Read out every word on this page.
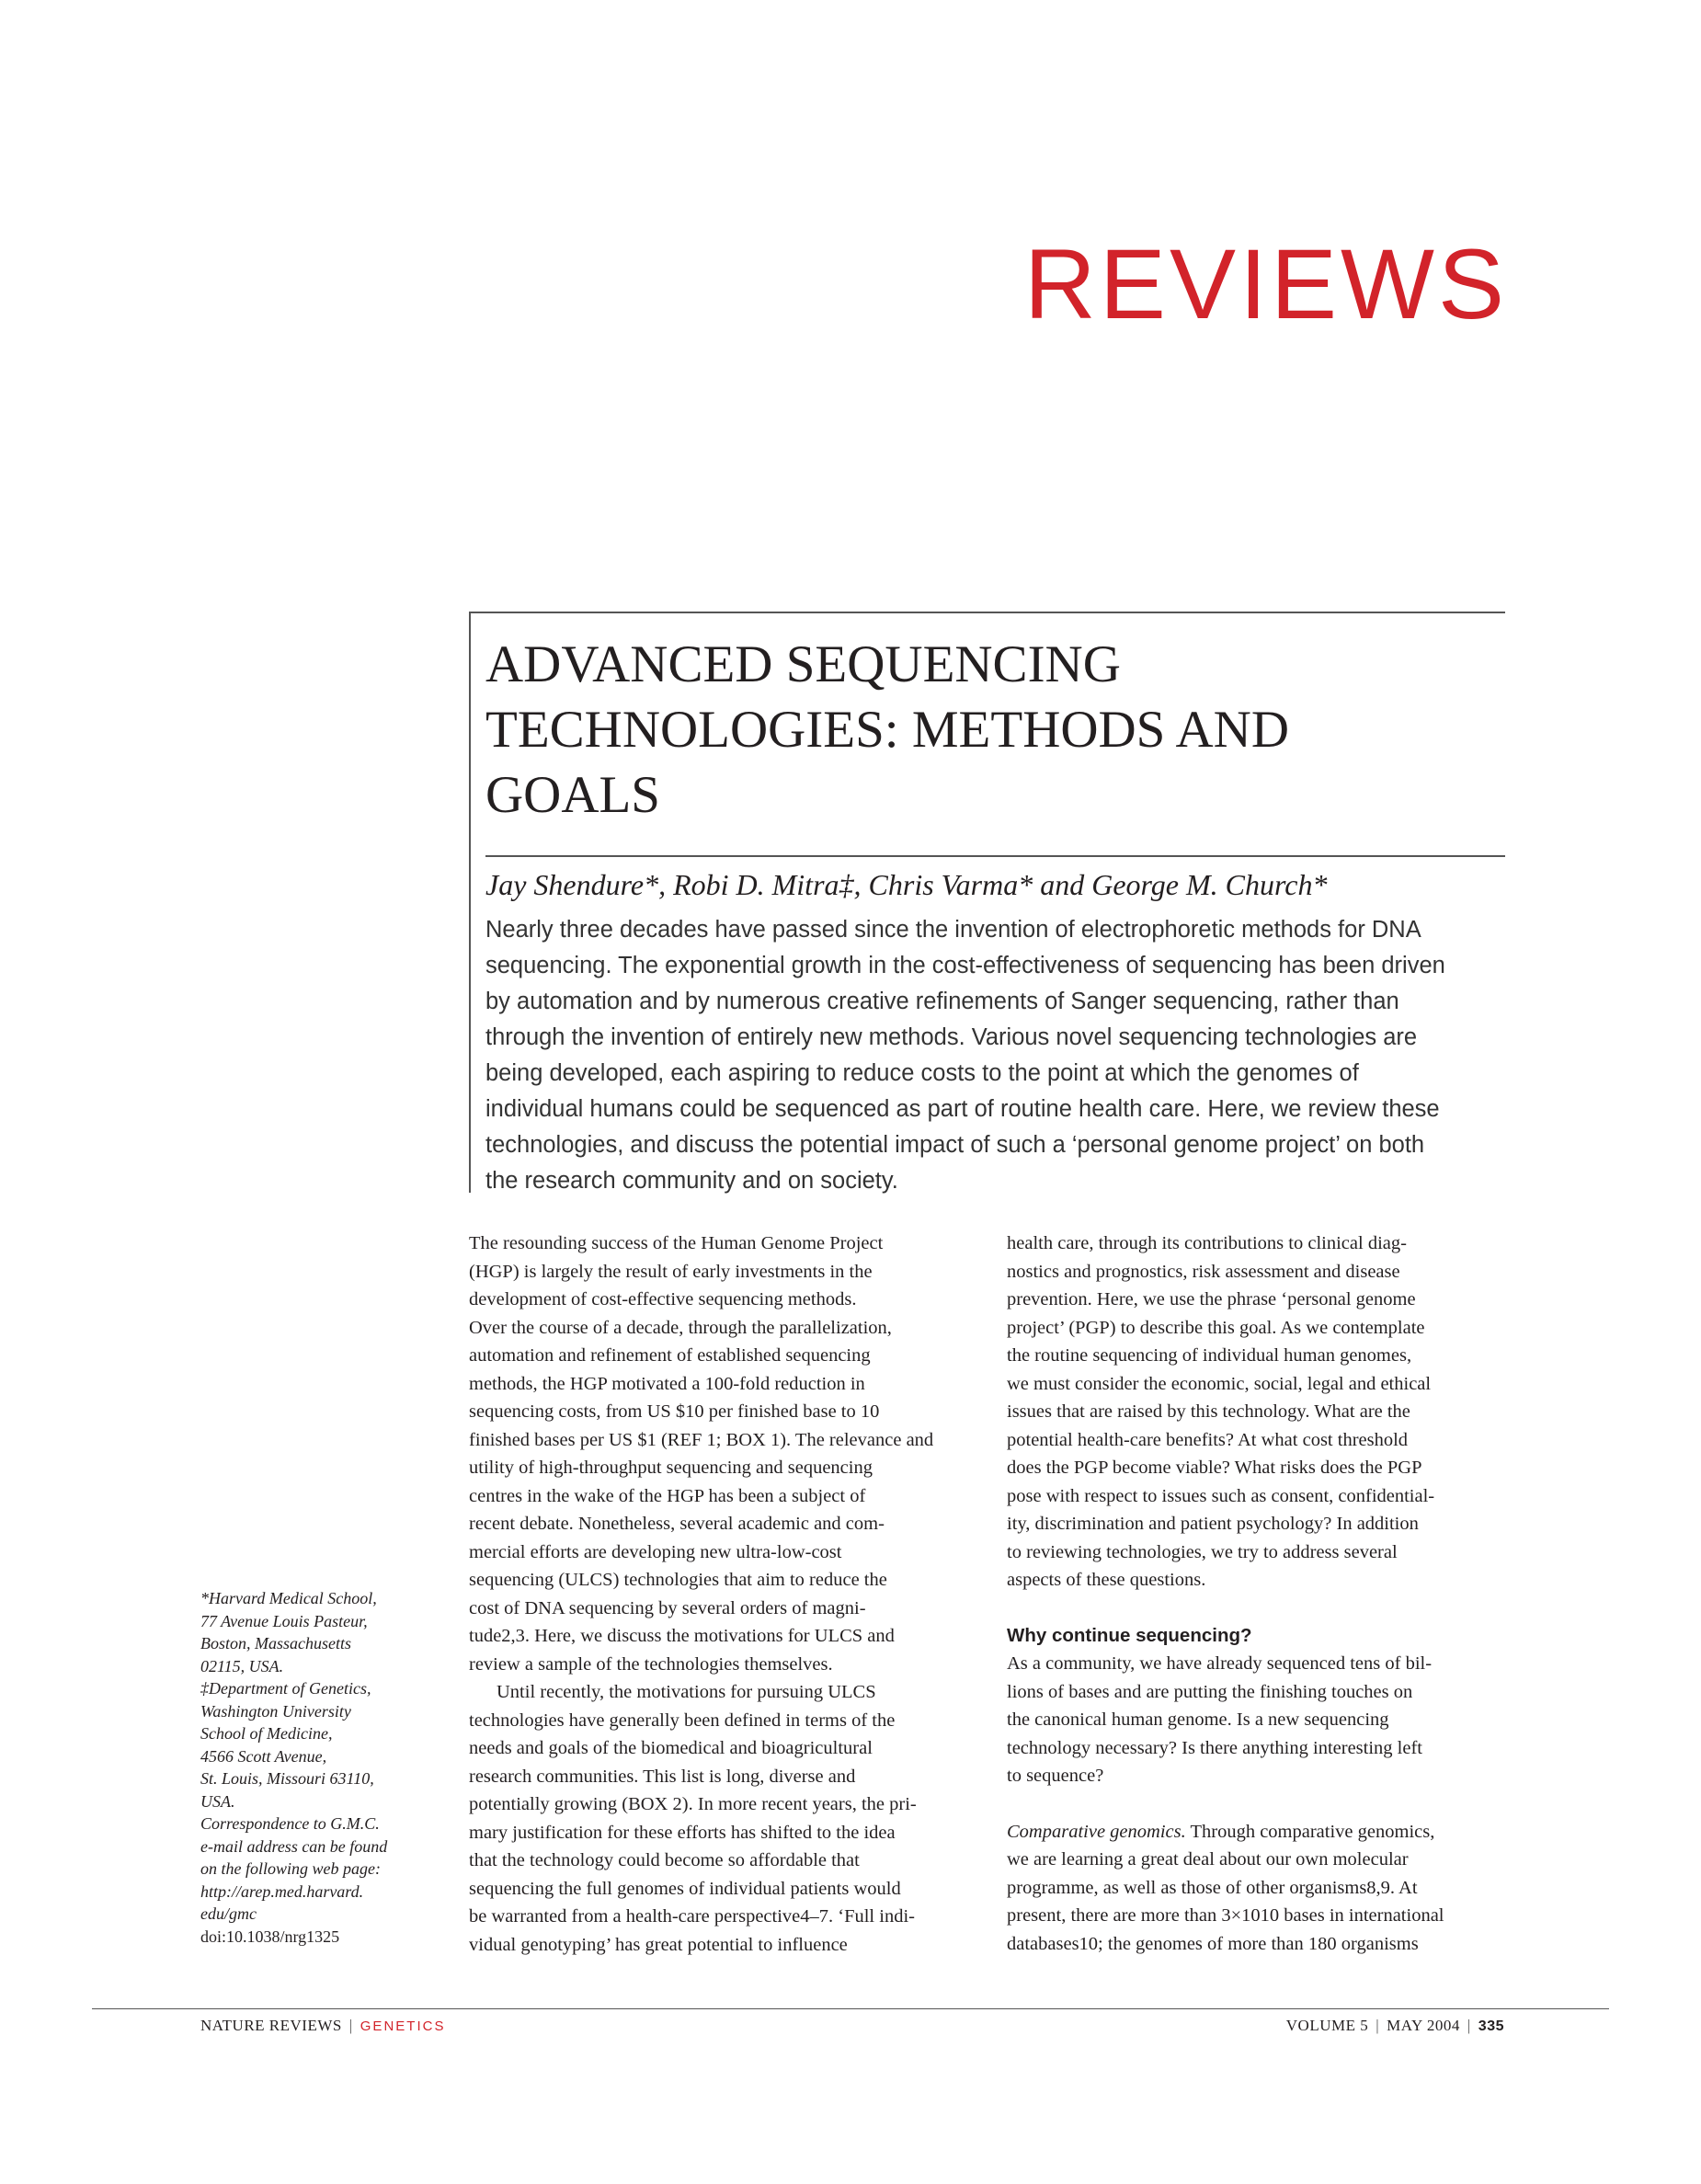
REVIEWS
ADVANCED SEQUENCING
TECHNOLOGIES: METHODS AND
GOALS
Jay Shendure*, Robi D. Mitra‡, Chris Varma* and George M. Church*
Nearly three decades have passed since the invention of electrophoretic methods for DNA
sequencing. The exponential growth in the cost-effectiveness of sequencing has been driven
by automation and by numerous creative refinements of Sanger sequencing, rather than
through the invention of entirely new methods. Various novel sequencing technologies are
being developed, each aspiring to reduce costs to the point at which the genomes of
individual humans could be sequenced as part of routine health care. Here, we review these
technologies, and discuss the potential impact of such a ‘personal genome project’ on both
the research community and on society.
The resounding success of the Human Genome Project
(HGP) is largely the result of early investments in the
development of cost-effective sequencing methods.
Over the course of a decade, through the parallelization,
automation and refinement of established sequencing
methods, the HGP motivated a 100-fold reduction in
sequencing costs, from US $10 per finished base to 10
finished bases per US $1 (REF 1; BOX 1). The relevance and
utility of high-throughput sequencing and sequencing
centres in the wake of the HGP has been a subject of
recent debate. Nonetheless, several academic and com-
mercial efforts are developing new ultra-low-cost
sequencing (ULCS) technologies that aim to reduce the
cost of DNA sequencing by several orders of magni-
tude2,3. Here, we discuss the motivations for ULCS and
review a sample of the technologies themselves.
Until recently, the motivations for pursuing ULCS
technologies have generally been defined in terms of the
needs and goals of the biomedical and bioagricultural
research communities. This list is long, diverse and
potentially growing (BOX 2). In more recent years, the pri-
mary justification for these efforts has shifted to the idea
that the technology could become so affordable that
sequencing the full genomes of individual patients would
be warranted from a health-care perspective4–7. ‘Full indi-
vidual genotyping’ has great potential to influence
health care, through its contributions to clinical diag-
nostics and prognostics, risk assessment and disease
prevention. Here, we use the phrase ‘personal genome
project’ (PGP) to describe this goal. As we contemplate
the routine sequencing of individual human genomes,
we must consider the economic, social, legal and ethical
issues that are raised by this technology. What are the
potential health-care benefits? At what cost threshold
does the PGP become viable? What risks does the PGP
pose with respect to issues such as consent, confidential-
ity, discrimination and patient psychology? In addition
to reviewing technologies, we try to address several
aspects of these questions.
Why continue sequencing?
As a community, we have already sequenced tens of bil-
lions of bases and are putting the finishing touches on
the canonical human genome. Is a new sequencing
technology necessary? Is there anything interesting left
to sequence?
Comparative genomics. Through comparative genomics,
we are learning a great deal about our own molecular
programme, as well as those of other organisms8,9. At
present, there are more than 3×1010 bases in international
databases10; the genomes of more than 180 organisms
*Harvard Medical School,
77 Avenue Louis Pasteur,
Boston, Massachusetts
02115, USA.
‡Department of Genetics,
Washington University
School of Medicine,
4566 Scott Avenue,
St. Louis, Missouri 63110,
USA.
Correspondence to G.M.C.
e-mail address can be found
on the following web page:
http://arep.med.harvard.
edu/gmc
doi:10.1038/nrg1325
NATURE REVIEWS | GENETICS	VOLUME 5 | MAY 2004 | 335
